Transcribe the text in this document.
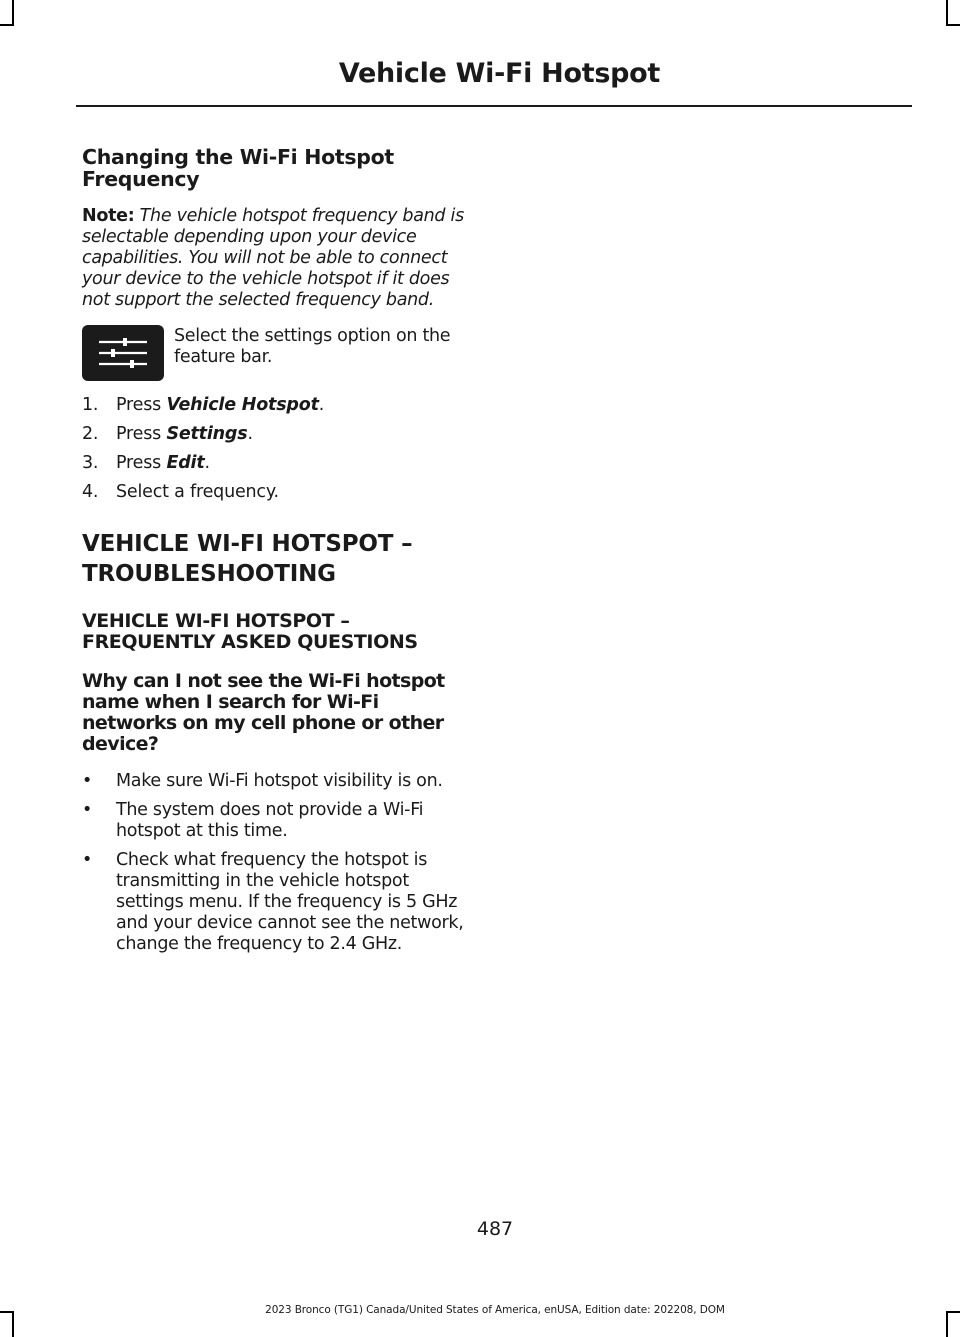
Vehicle Wi-Fi Hotspot
Changing the Wi-Fi Hotspot Frequency

Note: The vehicle hotspot frequency band is selectable depending upon your device capabilities. You will not be able to connect your device to the vehicle hotspot if it does not support the selected frequency band.

Select the settings option on the feature bar.

1.	Press Vehicle Hotspot.
2.	Press Settings.
3.	Press Edit.
4.	Select a frequency.
VEHICLE WI-FI HOTSPOT –
TROUBLESHOOTING
VEHICLE WI-FI HOTSPOT – FREQUENTLY ASKED QUESTIONS
Why can I not see the Wi-Fi hotspot name when I search for Wi-Fi networks on my cell phone or other device?
•	Make sure Wi-Fi hotspot visibility is on.
•	The system does not provide a Wi-Fi hotspot at this time.
•	Check what frequency the hotspot is transmitting in the vehicle hotspot settings menu. If the frequency is 5 GHz and your device cannot see the network, change the frequency to 2.4 GHz.
487
2023 Bronco (TG1) Canada/United States of America, enUSA, Edition date: 202208, DOM
